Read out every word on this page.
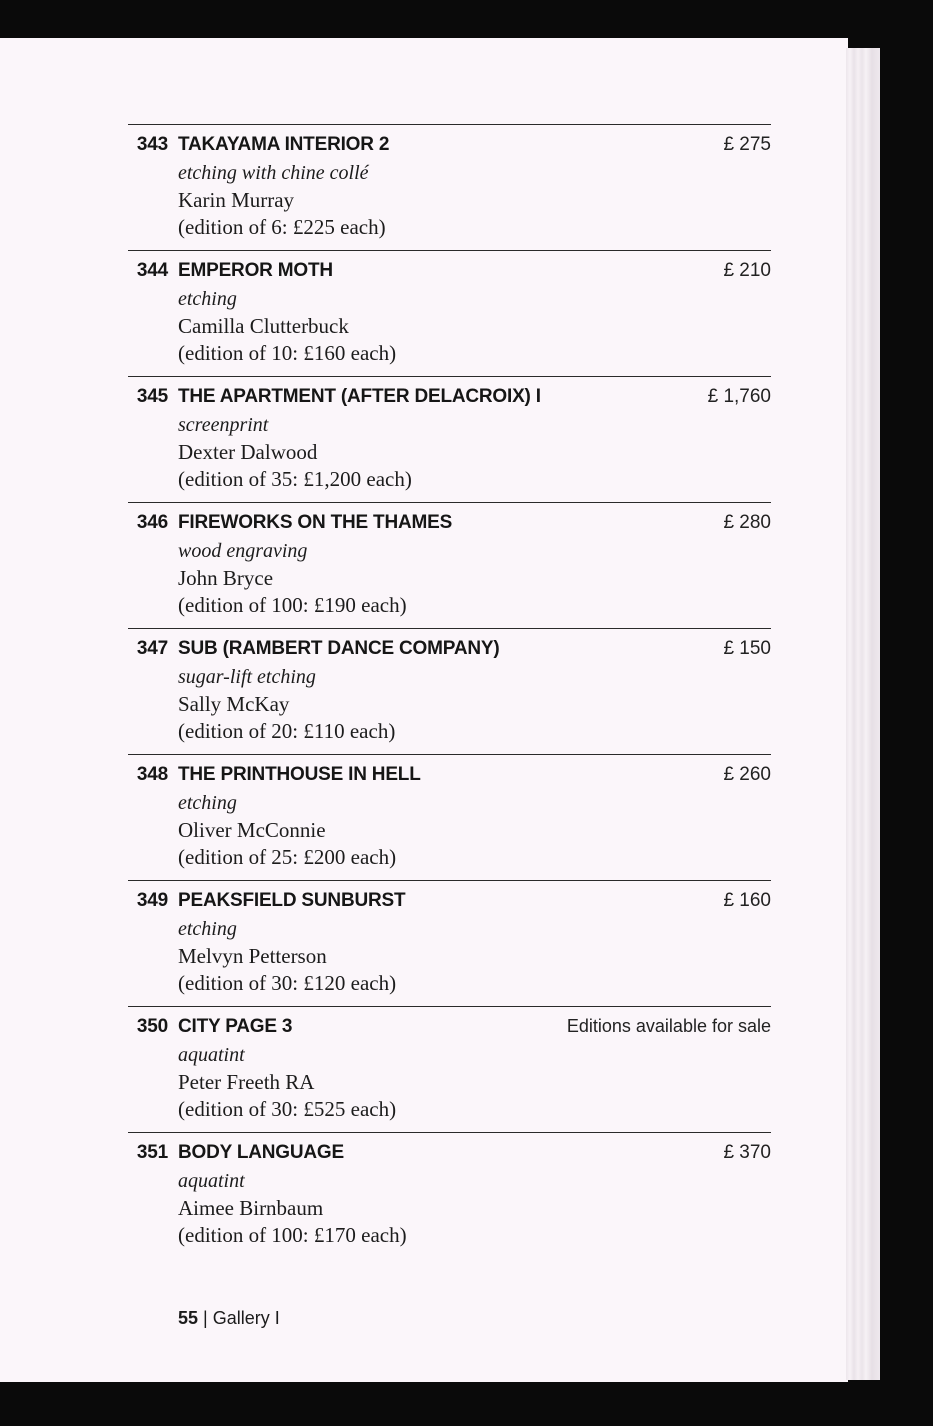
343 TAKAYAMA INTERIOR 2	£ 275
etching with chine collé
Karin Murray
(edition of 6: £225 each)
344 EMPEROR MOTH	£ 210
etching
Camilla Clutterbuck
(edition of 10: £160 each)
345 THE APARTMENT (AFTER DELACROIX) I	£ 1,760
screenprint
Dexter Dalwood
(edition of 35: £1,200 each)
346 FIREWORKS ON THE THAMES	£ 280
wood engraving
John Bryce
(edition of 100: £190 each)
347 SUB (RAMBERT DANCE COMPANY)	£ 150
sugar-lift etching
Sally McKay
(edition of 20: £110 each)
348 THE PRINTHOUSE IN HELL	£ 260
etching
Oliver McConnie
(edition of 25: £200 each)
349 PEAKSFIELD SUNBURST	£ 160
etching
Melvyn Petterson
(edition of 30: £120 each)
350 CITY PAGE 3	Editions available for sale
aquatint
Peter Freeth RA
(edition of 30: £525 each)
351 BODY LANGUAGE	£ 370
aquatint
Aimee Birnbaum
(edition of 100: £170 each)
55 | Gallery I
